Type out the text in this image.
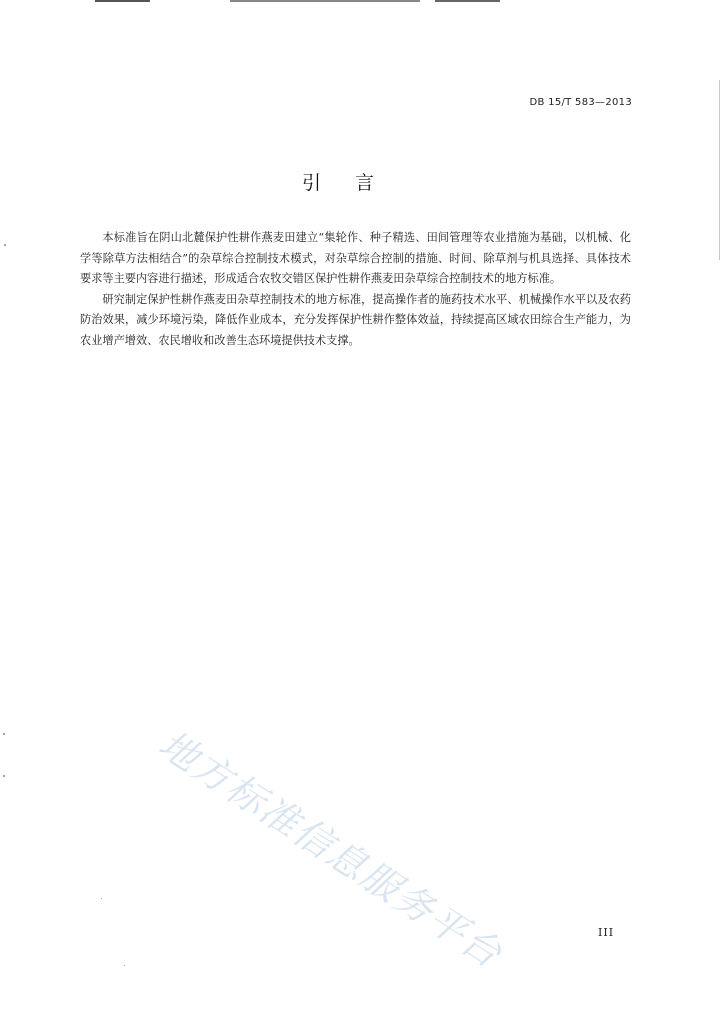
DB 15/T 583—2013
引言

本标准旨在阴山北麓保护性耕作燕麦田建立“集轮作、种子精选、田间管理等农业措施为基础，以机械、化学等除草方法相结合”的杂草综合控制技术模式，对杂草综合控制的措施、时间、除草剂与机具选择、具体技术要求等主要内容进行描述，形成适合农牧交错区保护性耕作燕麦田杂草综合控制技术的地方标准。

研究制定保护性耕作燕麦田杂草控制技术的地方标准，提高操作者的施药技术水平、机械操作水平以及农药防治效果，减少环境污染，降低作业成本，充分发挥保护性耕作整体效益，持续提高区域农田综合生产能力，为农业增产增效、农民增收和改善生态环境提供技术支撑。

地方标准信息服务平台	III
